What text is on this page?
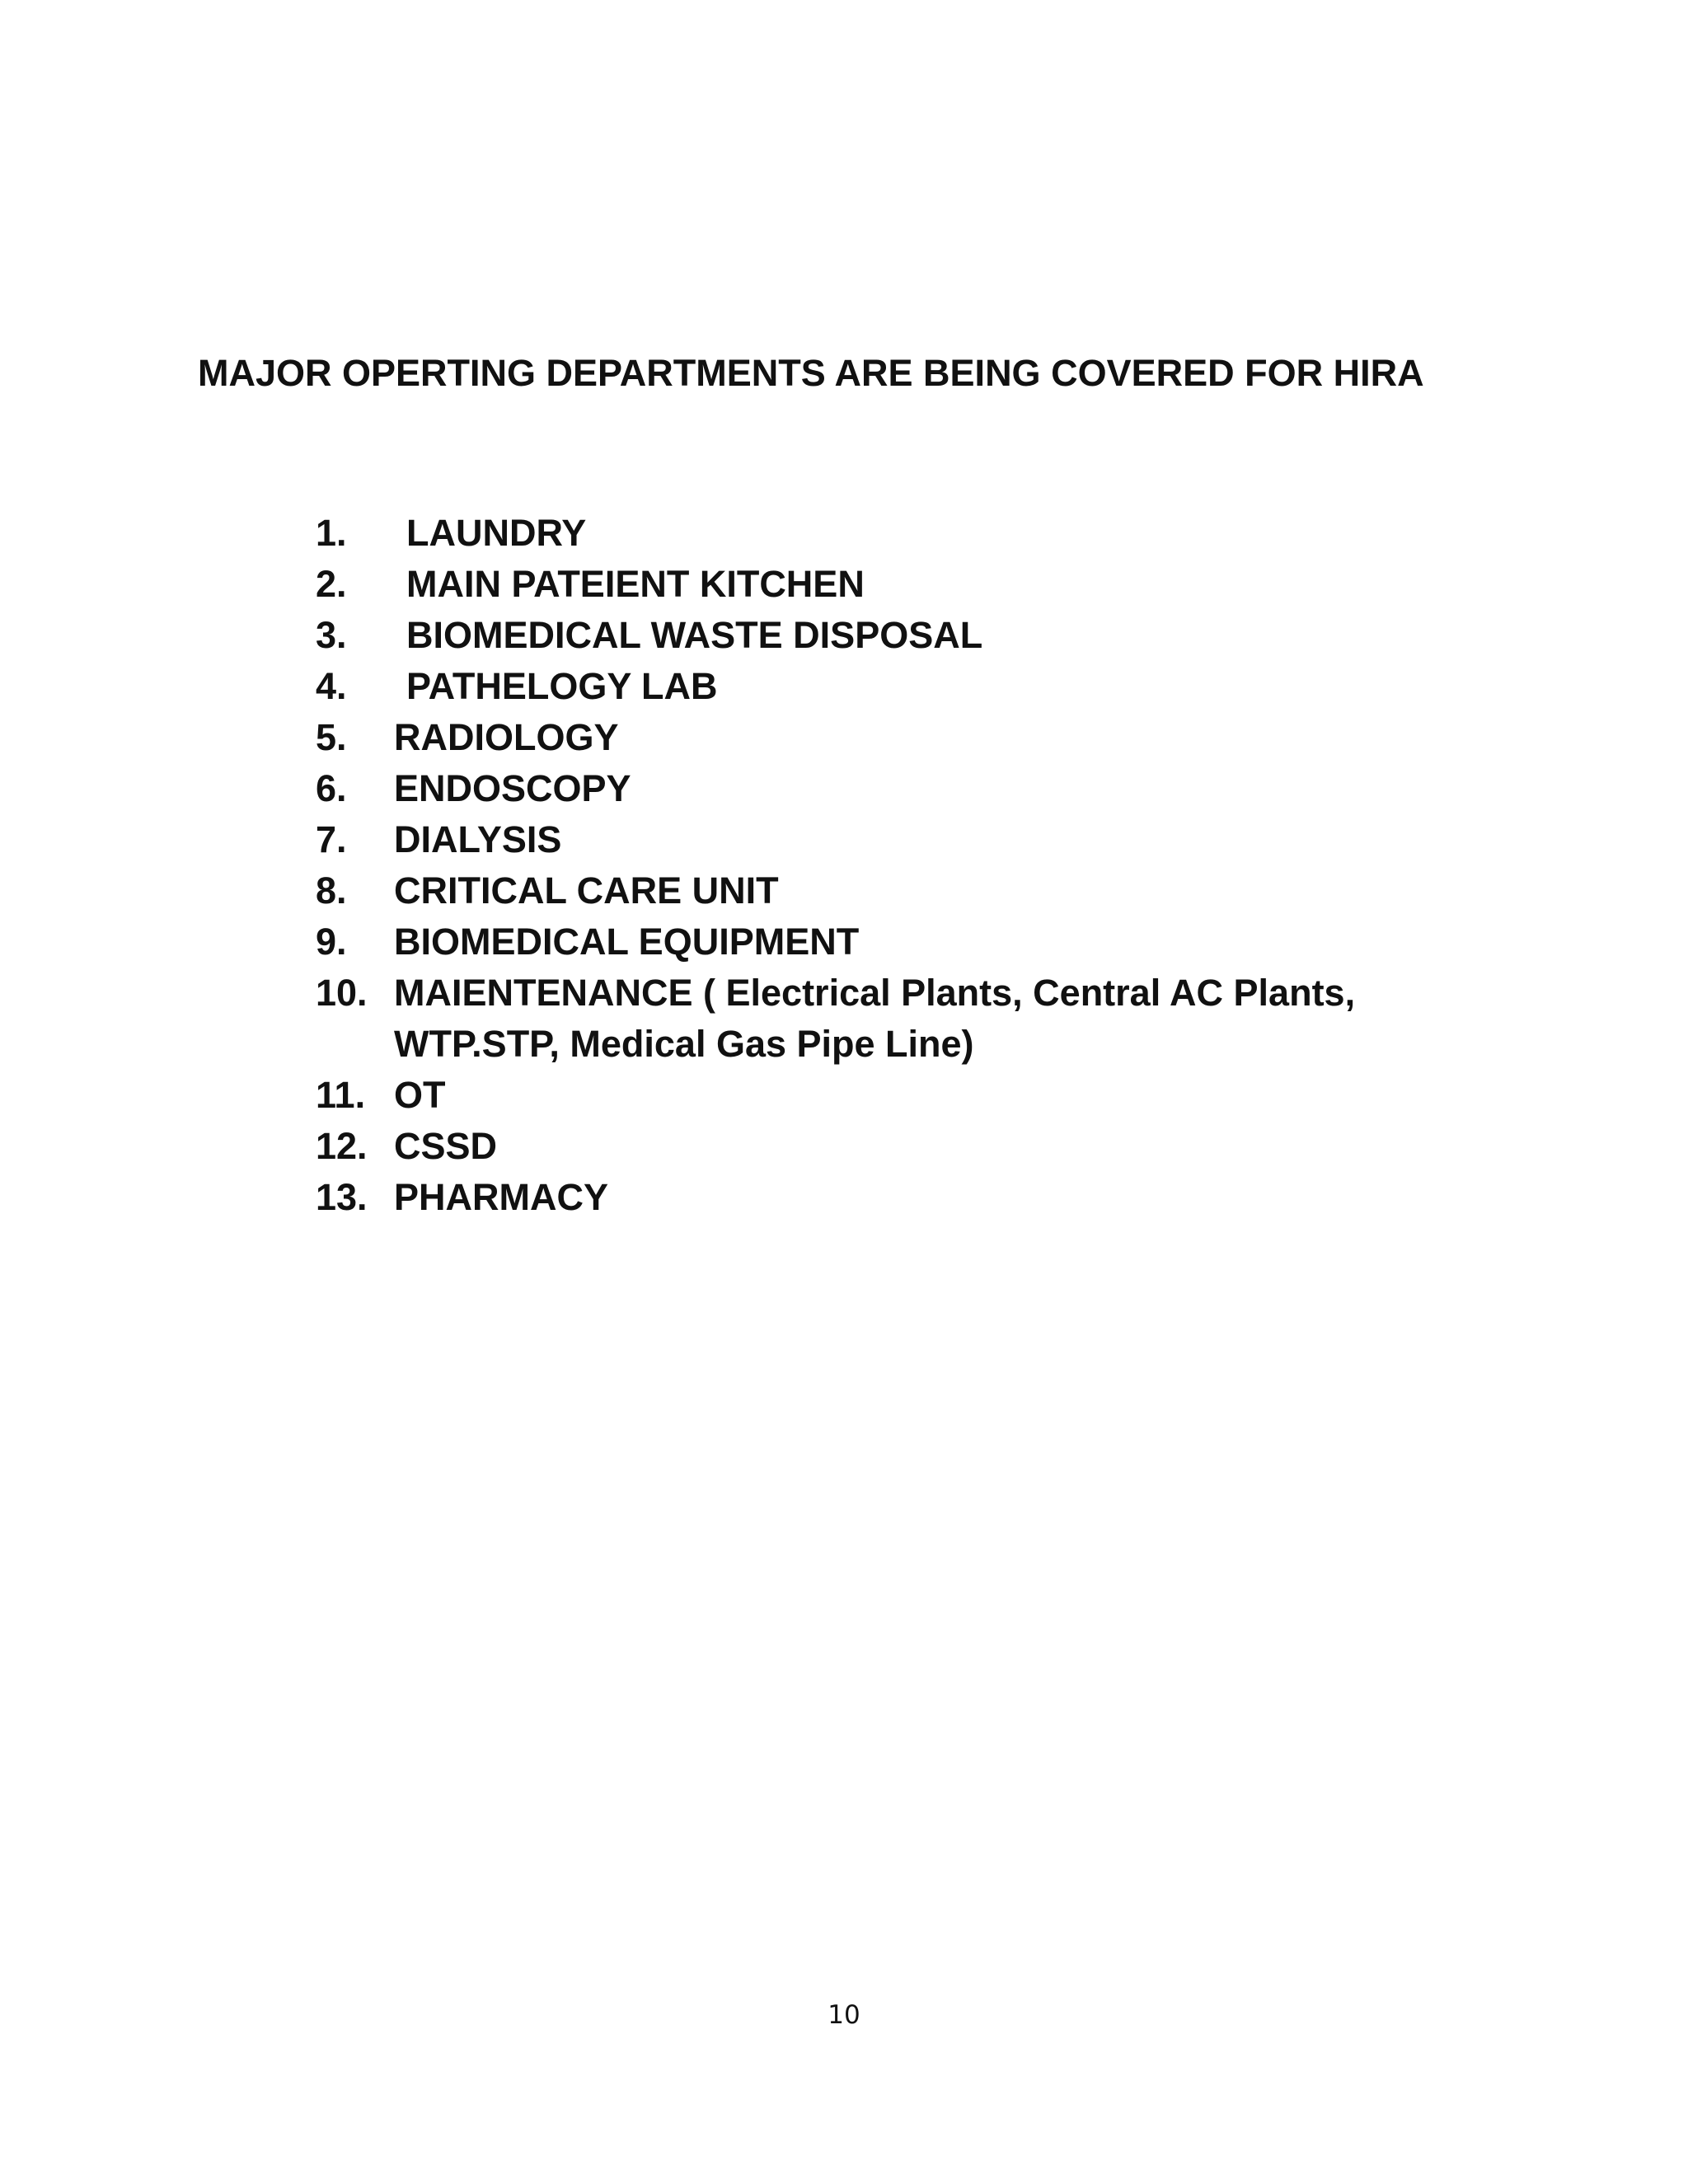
MAJOR OPERTING DEPARTMENTS ARE BEING COVERED FOR HIRA
1.	LAUNDRY
2.	MAIN PATEIENT KITCHEN
3.	BIOMEDICAL WASTE DISPOSAL
4.	PATHELOGY LAB
5.	RADIOLOGY
6.	ENDOSCOPY
7.	DIALYSIS
8.	CRITICAL CARE UNIT
9.	BIOMEDICAL EQUIPMENT
10. MAIENTENANCE ( Electrical Plants, Central AC Plants,
WTP.STP, Medical Gas Pipe Line)
11. OT
12. CSSD
13. PHARMACY
10
